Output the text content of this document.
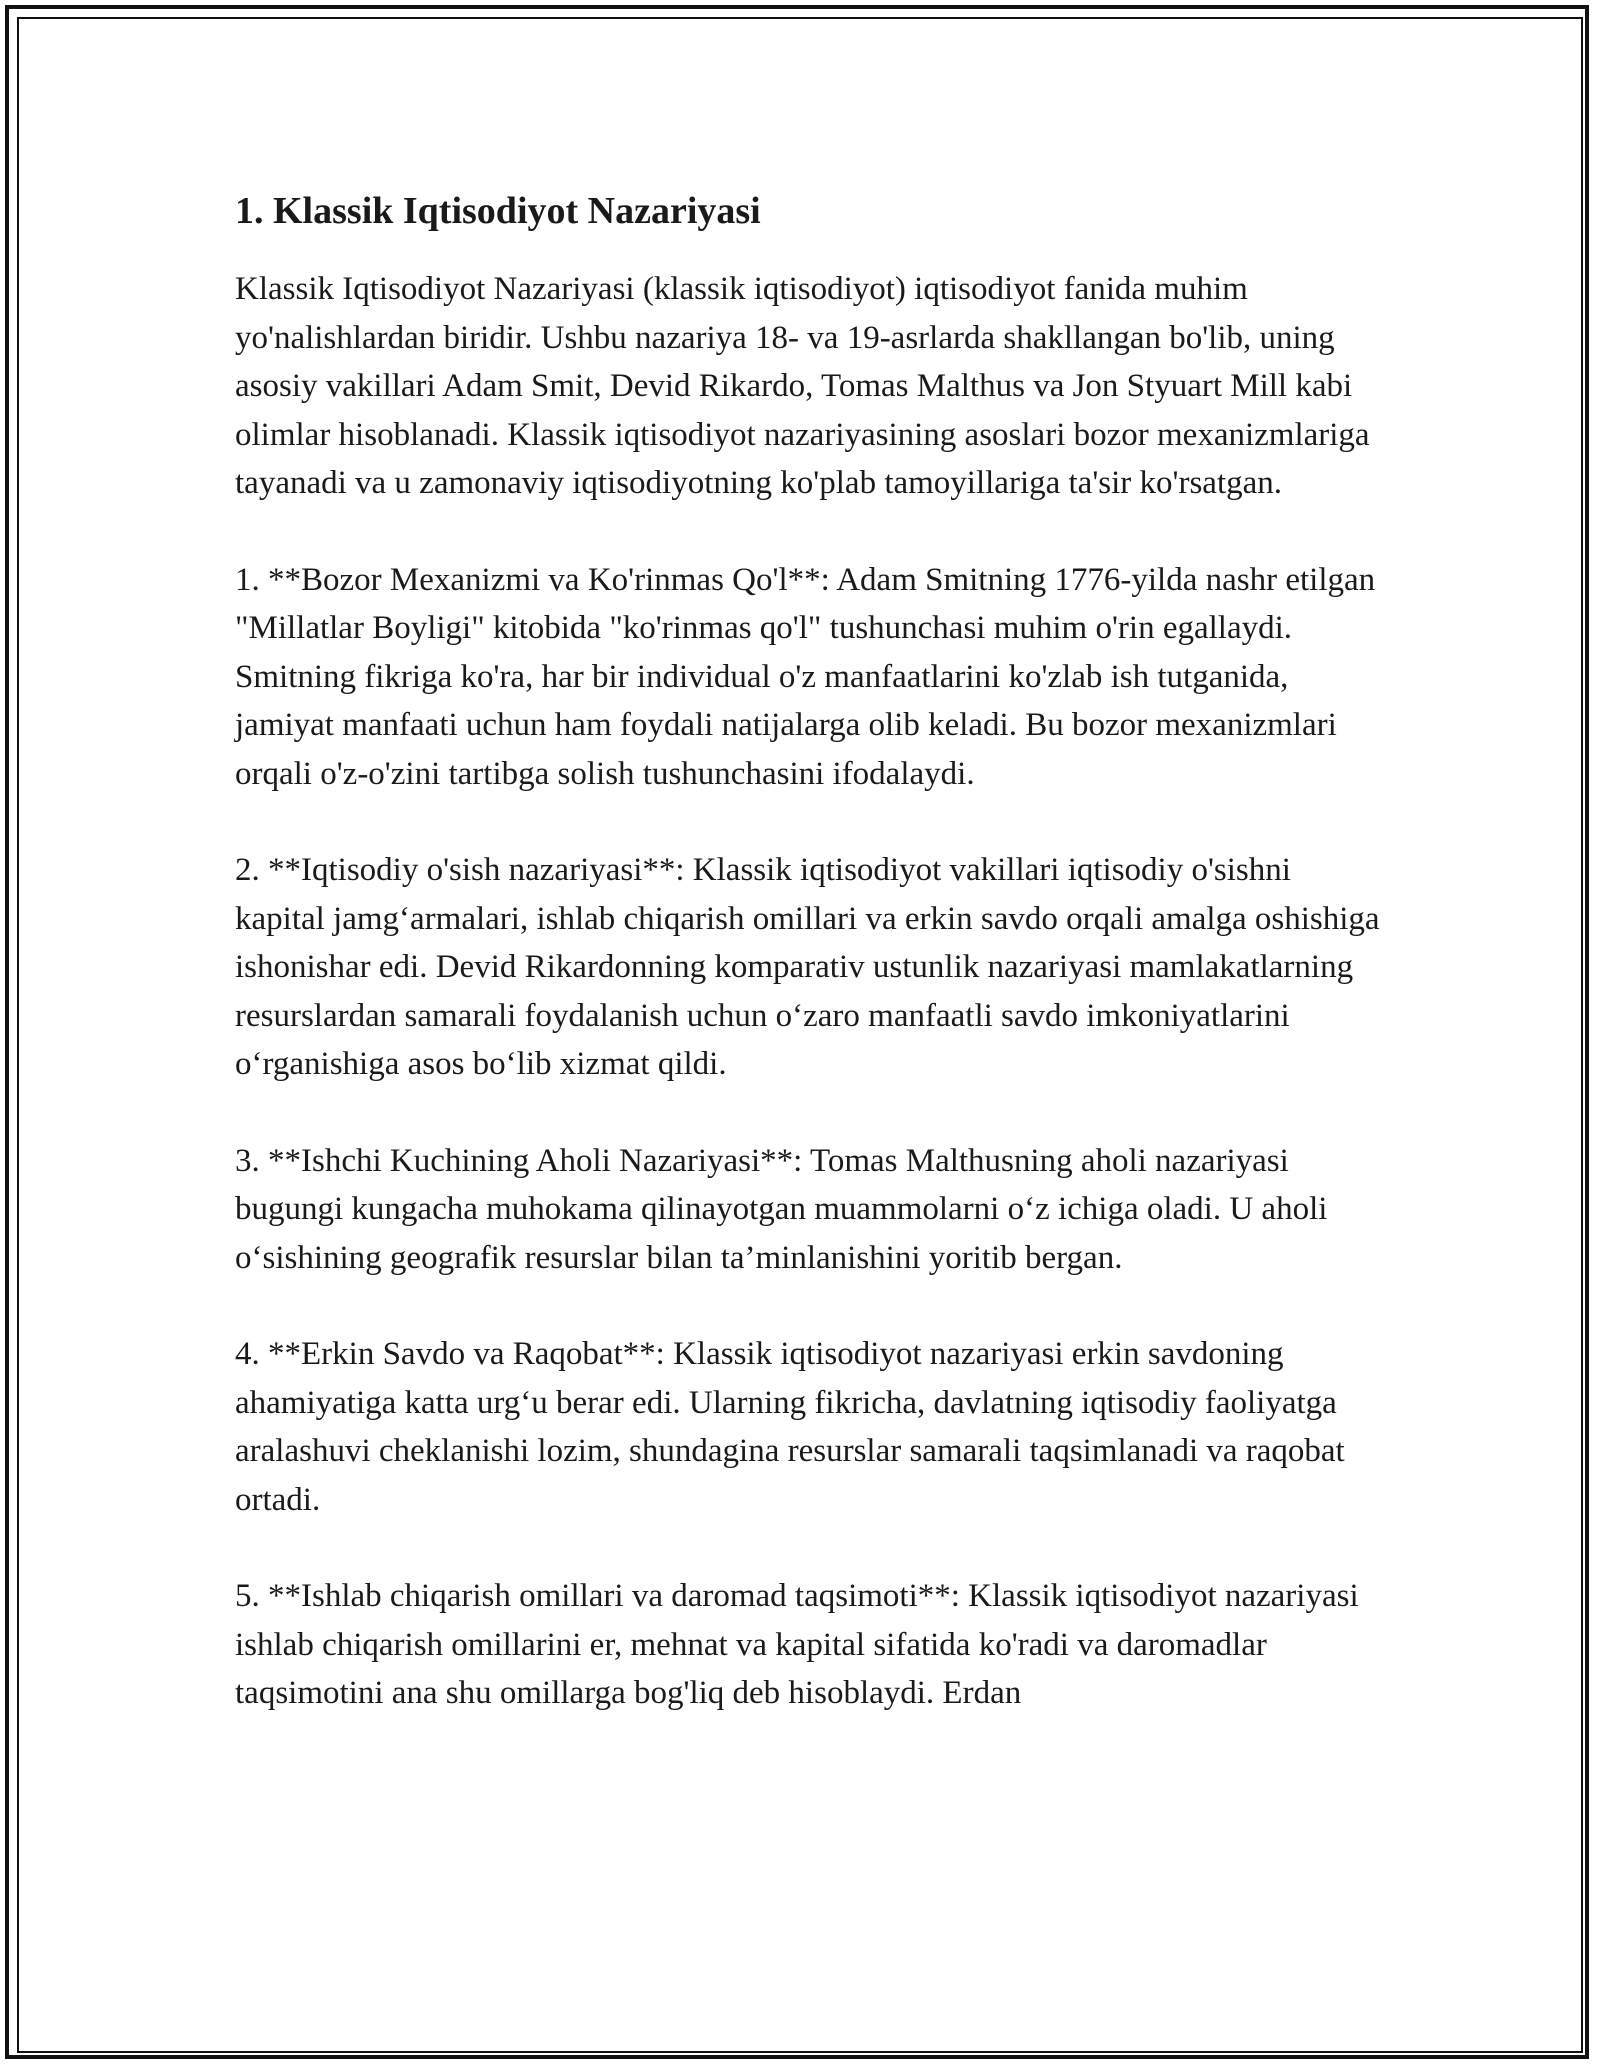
1. Klassik Iqtisodiyot Nazariyasi

Klassik Iqtisodiyot Nazariyasi (klassik iqtisodiyot) iqtisodiyot fanida muhim yo'nalishlardan biridir. Ushbu nazariya 18- va 19-asrlarda shakllangan bo'lib, uning asosiy vakillari Adam Smit, Devid Rikardo, Tomas Malthus va Jon Styuart Mill kabi olimlar hisoblanadi. Klassik iqtisodiyot nazariyasining asoslari bozor mexanizmlariga tayanadi va u zamonaviy iqtisodiyotning ko'plab tamoyillariga ta'sir ko'rsatgan.

1. **Bozor Mexanizmi va Ko'rinmas Qo'l**: Adam Smitning 1776-yilda nashr etilgan "Millatlar Boyligi" kitobida "ko'rinmas qo'l" tushunchasi muhim o'rin egallaydi. Smitning fikriga ko'ra, har bir individual o'z manfaatlarini ko'zlab ish tutganida, jamiyat manfaati uchun ham foydali natijalarga olib keladi. Bu bozor mexanizmlari orqali o'z-o'zini tartibga solish tushunchasini ifodalaydi.

2. **Iqtisodiy o'sish nazariyasi**: Klassik iqtisodiyot vakillari iqtisodiy o'sishni kapital jamg‘armalari, ishlab chiqarish omillari va erkin savdo orqali amalga oshishiga ishonishar edi. Devid Rikardonning komparativ ustunlik nazariyasi mamlakatlarning resurslardan samarali foydalanish uchun o‘zaro manfaatli savdo imkoniyatlarini o‘rganishiga asos bo‘lib xizmat qildi.

3. **Ishchi Kuchining Aholi Nazariyasi**: Tomas Malthusning aholi nazariyasi bugungi kungacha muhokama qilinayotgan muammolarni o‘z ichiga oladi. U aholi o‘sishining geografik resurslar bilan ta’minlanishini yoritib bergan.

4. **Erkin Savdo va Raqobat**: Klassik iqtisodiyot nazariyasi erkin savdoning ahamiyatiga katta urg‘u berar edi. Ularning fikricha, davlatning iqtisodiy faoliyatga aralashuvi cheklanishi lozim, shundagina resurslar samarali taqsimlanadi va raqobat ortadi.

5. **Ishlab chiqarish omillari va daromad taqsimoti**: Klassik iqtisodiyot nazariyasi ishlab chiqarish omillarini er, mehnat va kapital sifatida ko'radi va daromadlar taqsimotini ana shu omillarga bog'liq deb hisoblaydi. Erdan
